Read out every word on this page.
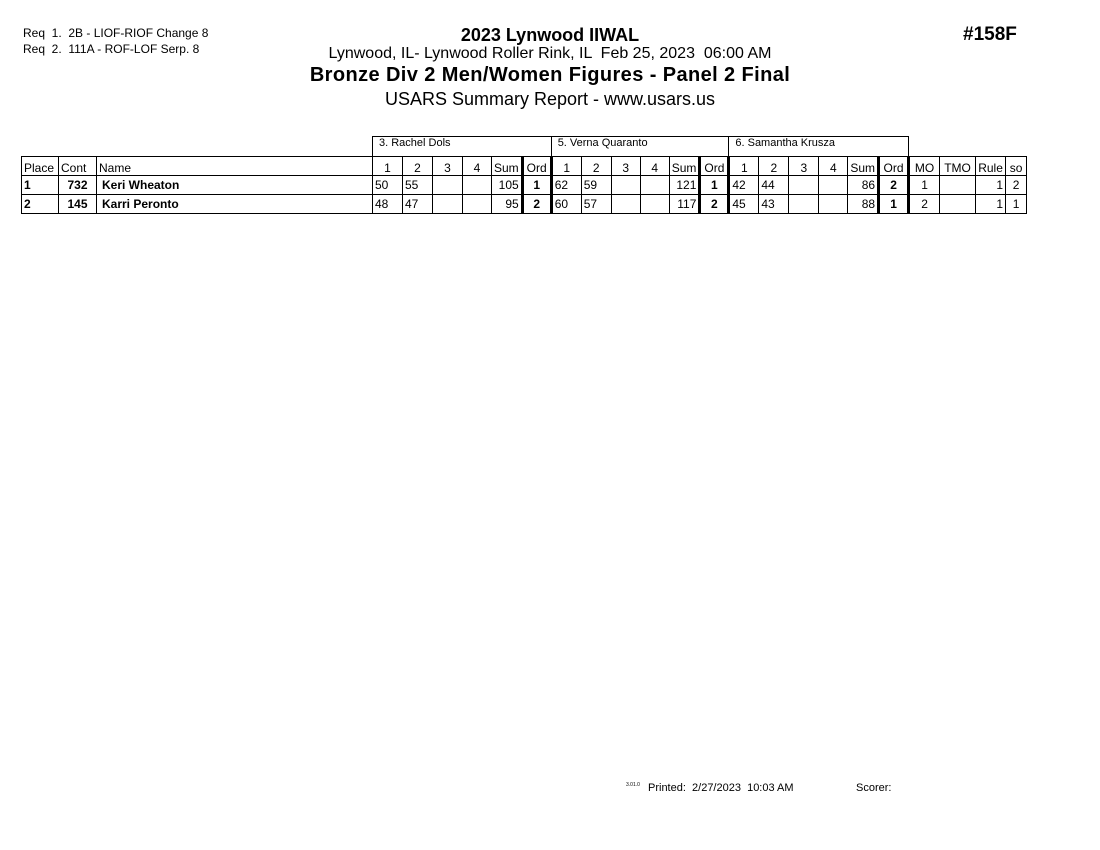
Req  1.  2B - LIOF-RIOF Change 8
Req  2.  111A - ROF-LOF Serp. 8
2023 Lynwood IIWAL
Lynwood, IL- Lynwood Roller Rink, IL  Feb 25, 2023  06:00 AM
Bronze Div 2 Men/Women Figures - Panel 2 Final
USARS Summary Report - www.usars.us
#158F
			3. Rachel Dols						5. Verna Quaranto						6. Samantha Krusza									
Place	Cont	Name	1	2	3	4	Sum	Ord	1	2	3	4	Sum	Ord	1	2	3	4	Sum	Ord	MO	TMO	Rule	so
1	732	Keri Wheaton	50	55			105	1	62	59			121	1	42	44			86	2	1		1	2
2	145	Karri Peronto	48	47			95	2	60	57			117	2	45	43			88	1	2		1	1
3.01.0 Printed:  2/27/2023  10:03 AM	Scorer:
